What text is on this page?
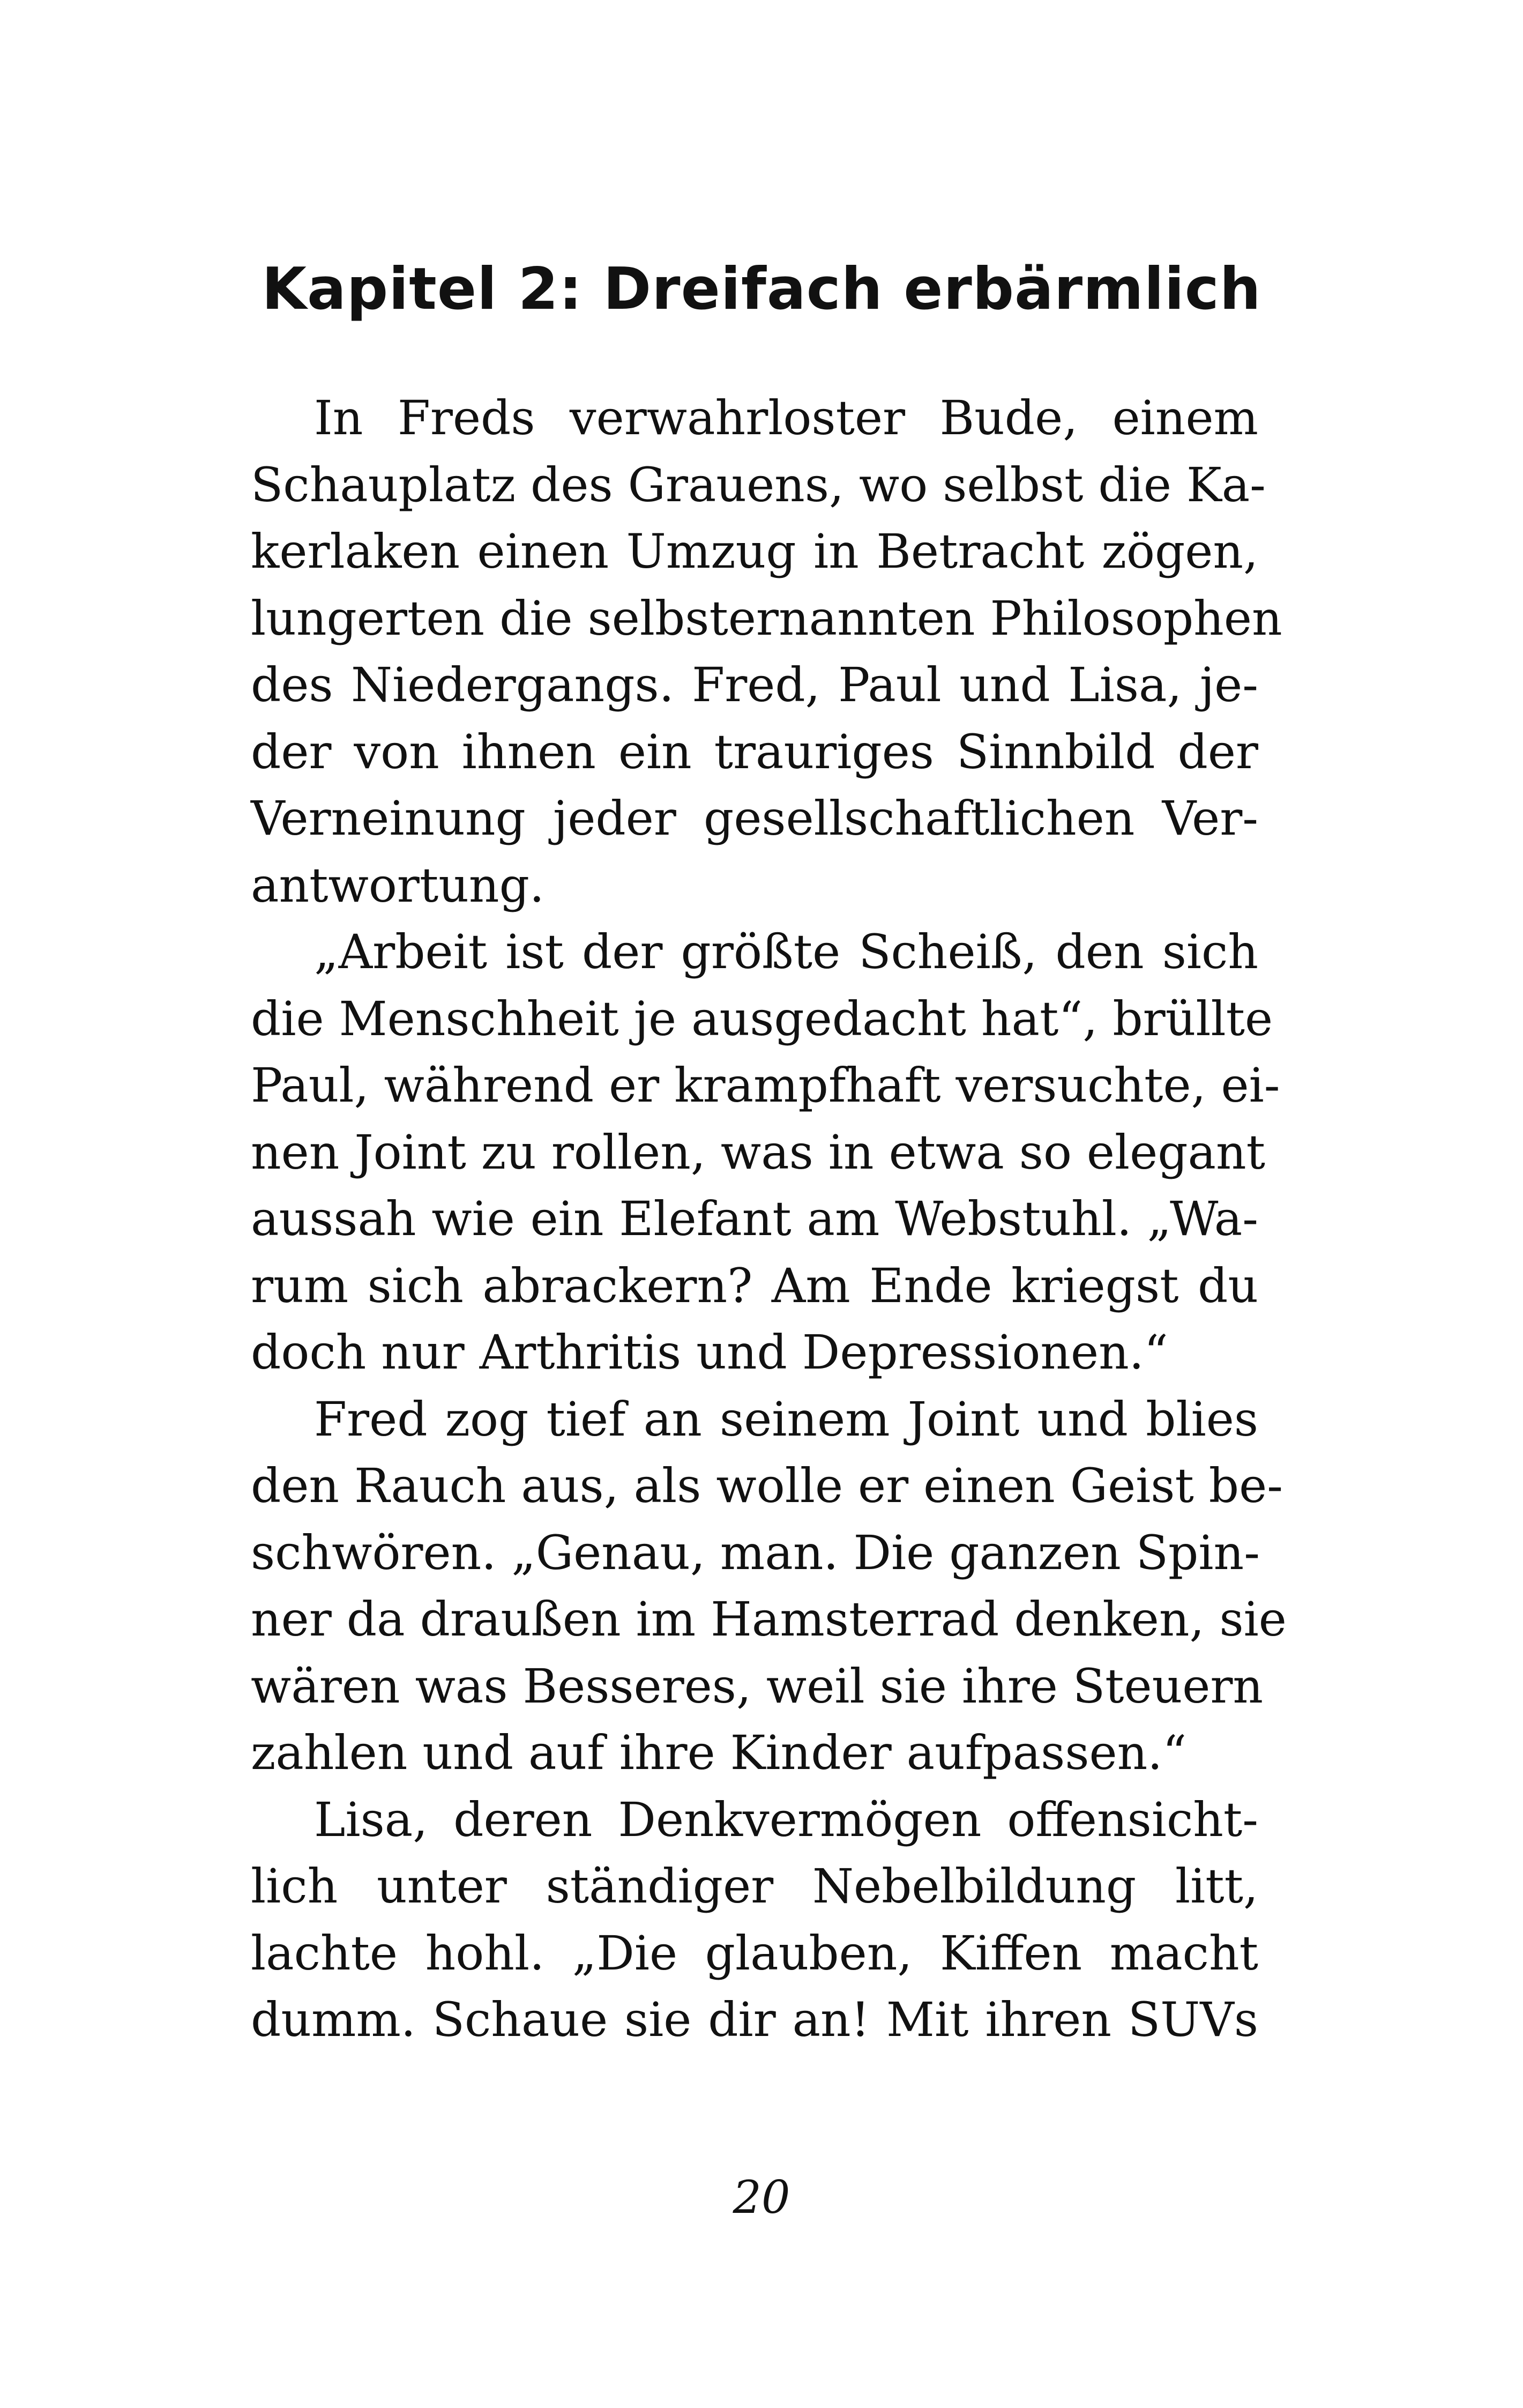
Kapitel 2: Dreifach erbärmlich
In Freds verwahrloster Bude, einem
Schauplatz des Grauens, wo selbst die Ka-
kerlaken einen Umzug in Betracht zögen,
lungerten die selbsternannten Philosophen
des Niedergangs. Fred, Paul und Lisa, je-
der von ihnen ein trauriges Sinnbild der
Verneinung jeder gesellschaftlichen Ver-
antwortung.
„Arbeit ist der größte Scheiß, den sich
die Menschheit je ausgedacht hat“, brüllte
Paul, während er krampfhaft versuchte, ei-
nen Joint zu rollen, was in etwa so elegant
aussah wie ein Elefant am Webstuhl. „Wa-
rum sich abrackern? Am Ende kriegst du
doch nur Arthritis und Depressionen.“
Fred zog tief an seinem Joint und blies
den Rauch aus, als wolle er einen Geist be-
schwören. „Genau, man. Die ganzen Spin-
ner da draußen im Hamsterrad denken, sie
wären was Besseres, weil sie ihre Steuern
zahlen und auf ihre Kinder aufpassen.“
Lisa, deren Denkvermögen offensicht-
lich unter ständiger Nebelbildung litt,
lachte hohl. „Die glauben, Kiffen macht
dumm. Schaue sie dir an! Mit ihren SUVs
20
